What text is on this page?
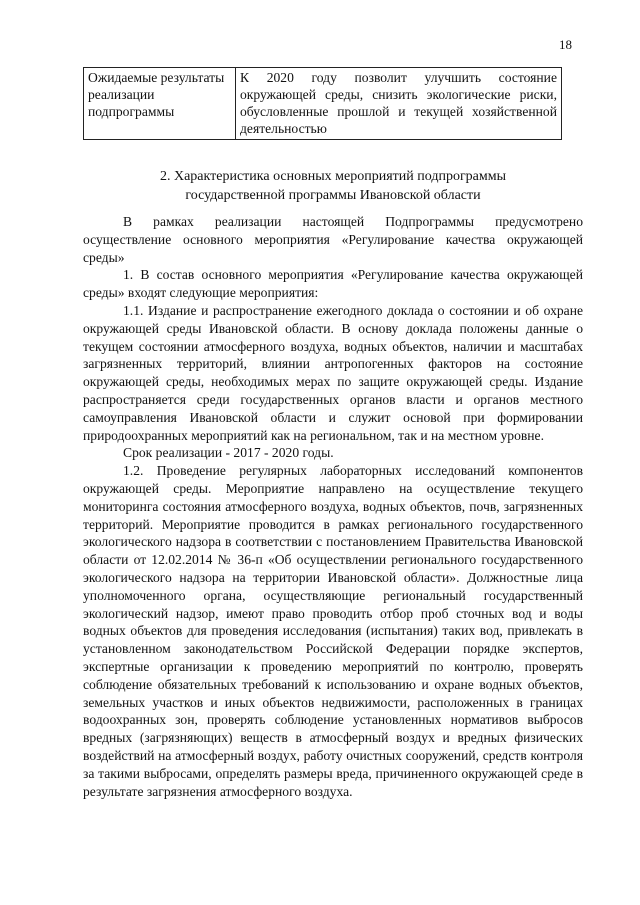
18
Ожидаемые результаты реализации подпрограммы	К 2020 году позволит улучшить состояние окружающей среды, снизить экологические риски, обусловленные прошлой и текущей хозяйственной деятельностью
2. Характеристика основных мероприятий подпрограммы
государственной программы Ивановской области

В рамках реализации настоящей Подпрограммы предусмотрено осуществление основного мероприятия «Регулирование качества окружающей среды»

1. В состав основного мероприятия «Регулирование качества окружающей среды» входят следующие мероприятия:

1.1. Издание и распространение ежегодного доклада о состоянии и об охране окружающей среды Ивановской области. В основу доклада положены данные о текущем состоянии атмосферного воздуха, водных объектов, наличии и масштабах загрязненных территорий, влиянии антропогенных факторов на состояние окружающей среды, необходимых мерах по защите окружающей среды. Издание распространяется среди государственных органов власти и органов местного самоуправления Ивановской области и служит основой при формировании природоохранных мероприятий как на региональном, так и на местном уровне.

Срок реализации - 2017 - 2020 годы.

1.2. Проведение регулярных лабораторных исследований компонентов окружающей среды. Мероприятие направлено на осуществление текущего мониторинга состояния атмосферного воздуха, водных объектов, почв, загрязненных территорий. Мероприятие проводится в рамках регионального государственного экологического надзора в соответствии с постановлением Правительства Ивановской области от 12.02.2014 № 36-п «Об осуществлении регионального государственного экологического надзора на территории Ивановской области». Должностные лица уполномоченного органа, осуществляющие региональный государственный экологический надзор, имеют право проводить отбор проб сточных вод и воды водных объектов для проведения исследования (испытания) таких вод, привлекать в установленном законодательством Российской Федерации порядке экспертов, экспертные организации к проведению мероприятий по контролю, проверять соблюдение обязательных требований к использованию и охране водных объектов, земельных участков и иных объектов недвижимости, расположенных в границах водоохранных зон, проверять соблюдение установленных нормативов выбросов вредных (загрязняющих) веществ в атмосферный воздух и вредных физических воздействий на атмосферный воздух, работу очистных сооружений, средств контроля за такими выбросами, определять размеры вреда, причиненного окружающей среде в результате загрязнения атмосферного воздуха.
